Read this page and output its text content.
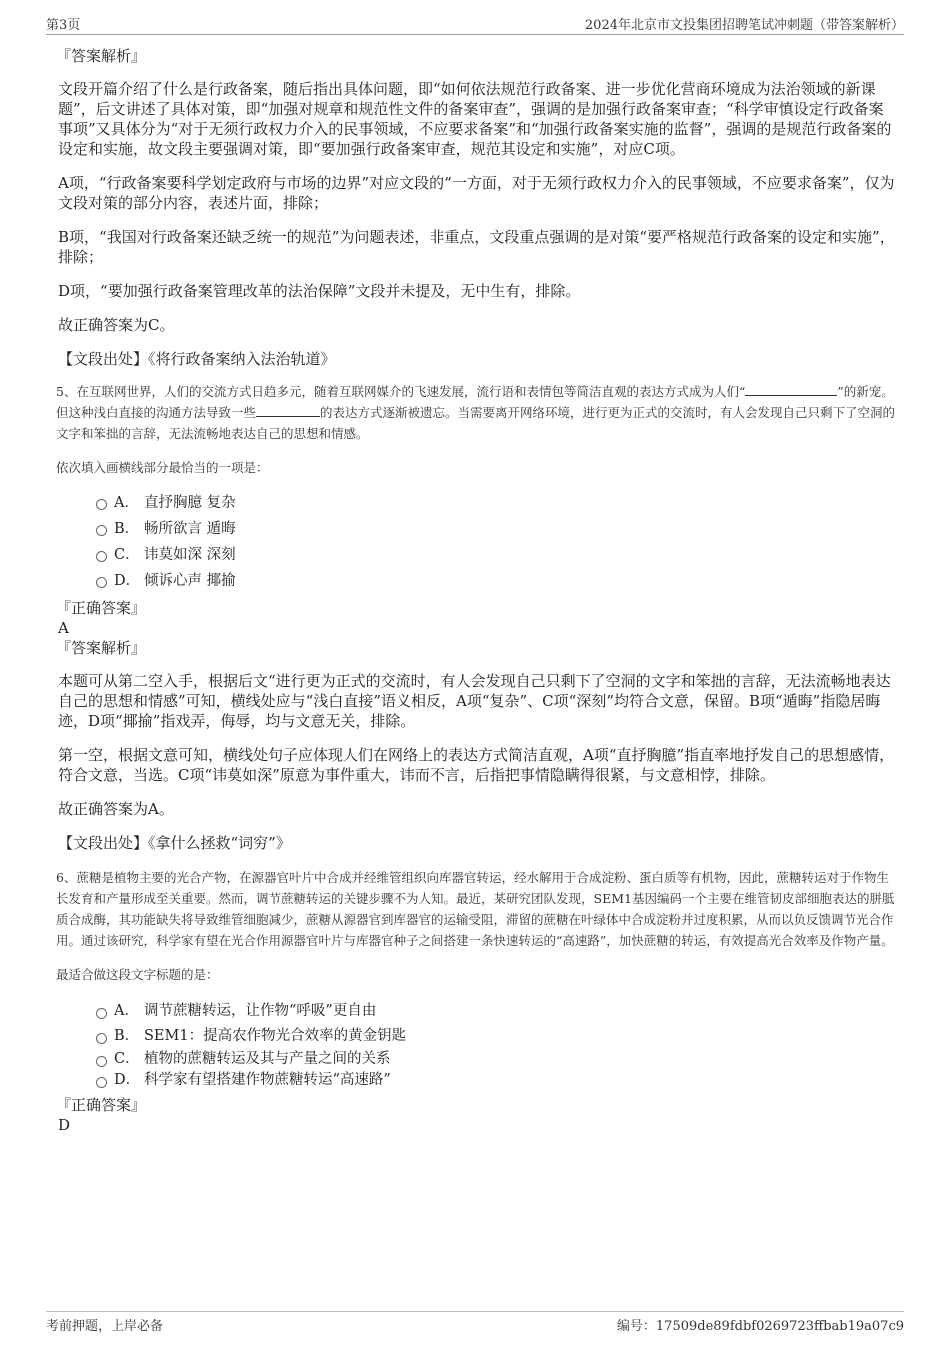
第3页	2024年北京市文投集团招聘笔试冲刺题（带答案解析）

『答案解析』

文段开篇介绍了什么是行政备案，随后指出具体问题，即“如何依法规范行政备案、进一步优化营商环境成为法治领域的新课题”，后文讲述了具体对策，即“加强对规章和规范性文件的备案审查”，强调的是加强行政备案审查；“科学审慎设定行政备案事项”又具体分为“对于无须行政权力介入的民事领域，不应要求备案”和“加强行政备案实施的监督”，强调的是规范行政备案的设定和实施，故文段主要强调对策，即“要加强行政备案审查，规范其设定和实施”，对应C项。

A项，“行政备案要科学划定政府与市场的边界”对应文段的“一方面，对于无须行政权力介入的民事领域，不应要求备案”，仅为文段对策的部分内容，表述片面，排除；

B项，“我国对行政备案还缺乏统一的规范”为问题表述，非重点，文段重点强调的是对策“要严格规范行政备案的设定和实施”，排除；

D项，“要加强行政备案管理改革的法治保障”文段并未提及，无中生有，排除。

故正确答案为C。

【文段出处】《将行政备案纳入法治轨道》

5、在互联网世界，人们的交流方式日趋多元，随着互联网媒介的飞速发展，流行语和表情包等简洁直观的表达方式成为人们“	”的新宠。但这种浅白直接的沟通方法导致一些	的表达方式逐渐被遗忘。当需要离开网络环境，进行更为正式的交流时，有人会发现自己只剩下了空洞的文字和笨拙的言辞，无法流畅地表达自己的思想和情感。

依次填入画横线部分最恰当的一项是：

A． 直抒胸臆 复杂
B． 畅所欲言 遁晦
C． 讳莫如深 深刻
D． 倾诉心声 揶揄

『正确答案』

A

『答案解析』

本题可从第二空入手，根据后文“进行更为正式的交流时，有人会发现自己只剩下了空洞的文字和笨拙的言辞，无法流畅地表达自己的思想和情感”可知，横线处应与“浅白直接”语义相反，A项“复杂”、C项“深刻”均符合文意，保留。B项“遁晦”指隐居晦迹，D项“揶揄”指戏弄，侮辱，均与文意无关，排除。

第一空，根据文意可知，横线处句子应体现人们在网络上的表达方式简洁直观，A项“直抒胸臆”指直率地抒发自己的思想感情，符合文意，当选。C项“讳莫如深”原意为事件重大，讳而不言，后指把事情隐瞒得很紧，与文意相悖，排除。

故正确答案为A。

【文段出处】《拿什么拯救“词穷”》

6、蔗糖是植物主要的光合产物，在源器官叶片中合成并经维管组织向库器官转运，经水解用于合成淀粉、蛋白质等有机物，因此，蔗糖转运对于作物生长发育和产量形成至关重要。然而，调节蔗糖转运的关键步骤不为人知。最近，某研究团队发现，SEM1基因编码一个主要在维管韧皮部细胞表达的胼胝质合成酶，其功能缺失将导致维管细胞减少，蔗糖从源器官到库器官的运输受阻，滞留的蔗糖在叶绿体中合成淀粉并过度积累，从而以负反馈调节光合作用。通过该研究，科学家有望在光合作用源器官叶片与库器官种子之间搭建一条快速转运的“高速路”，加快蔗糖的转运，有效提高光合效率及作物产量。

最适合做这段文字标题的是：

A． 调节蔗糖转运，让作物“呼吸”更自由
B． SEM1：提高农作物光合效率的黄金钥匙
C． 植物的蔗糖转运及其与产量之间的关系
D． 科学家有望搭建作物蔗糖转运“高速路”

『正确答案』

D

考前押题，上岸必备	编号：17509de89fdbf0269723ffbab19a07c9
